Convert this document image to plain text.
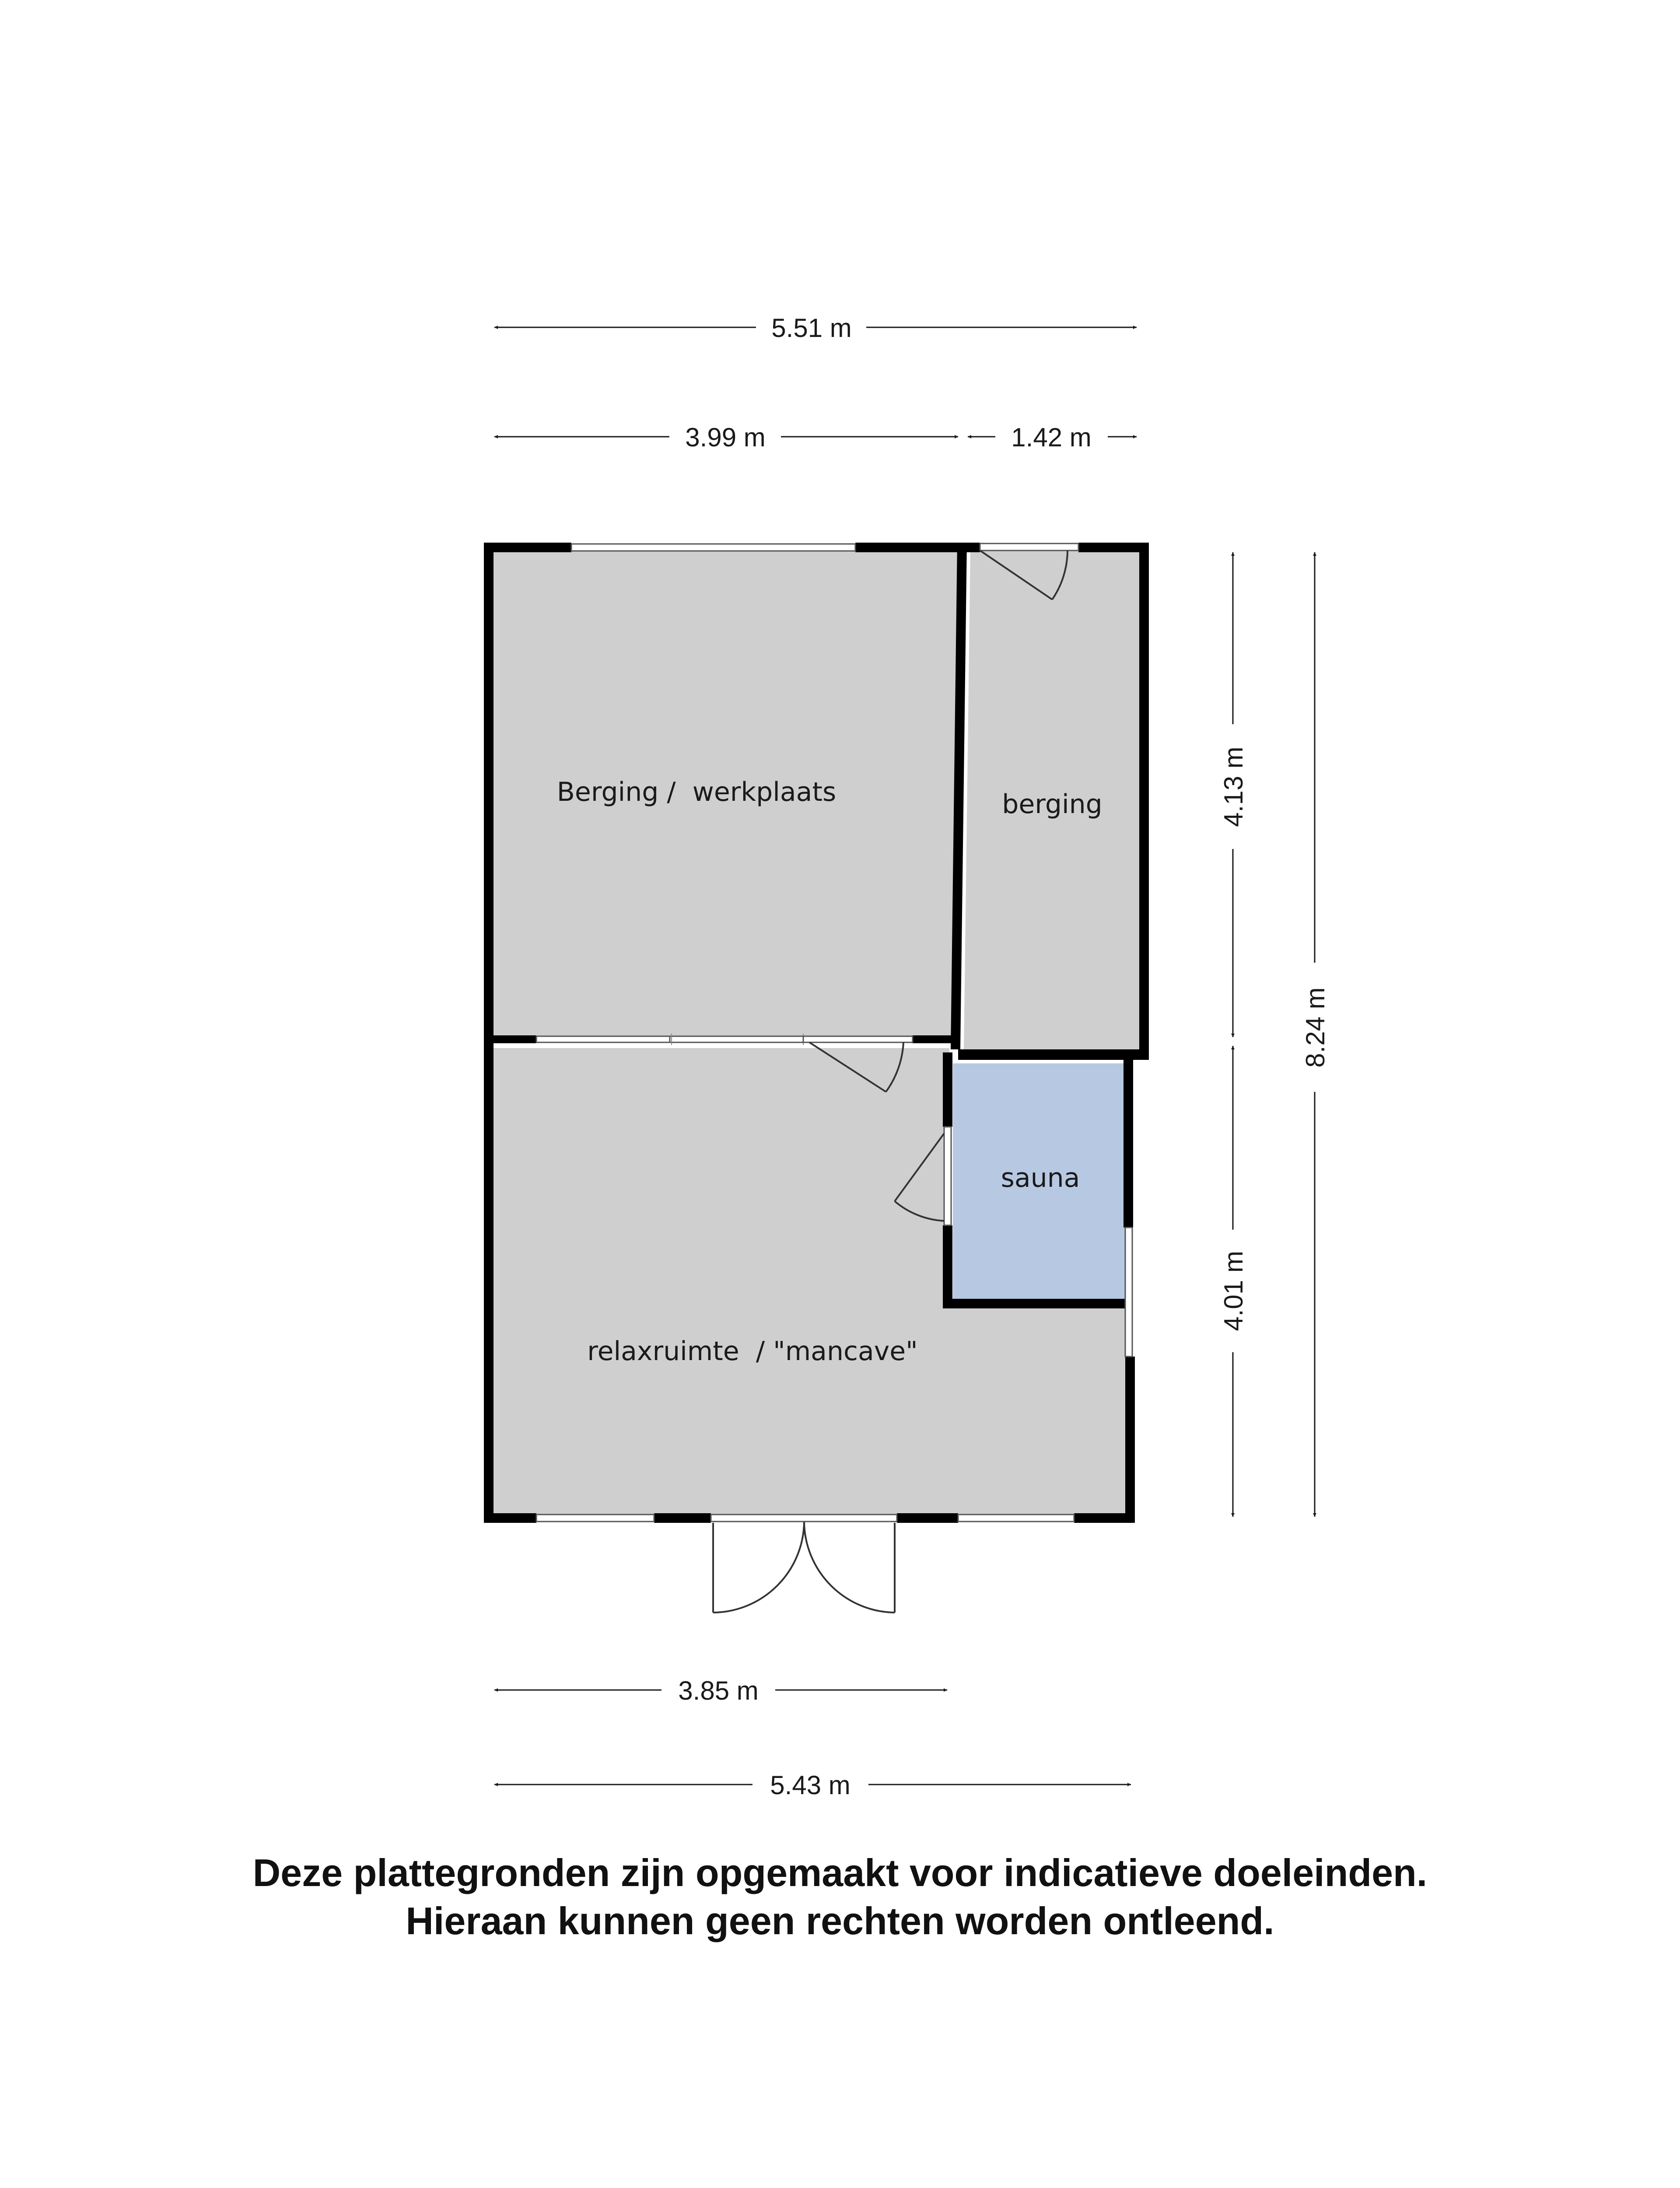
5.51 m
3.99 m	1.42 m
4.13 m
4.01 m
8.24 m
3.85 m
5.43 m
Berging /  werkplaats	berging
sauna
relaxruimte  / "mancave"
Deze plattegronden zijn opgemaakt voor indicatieve doeleinden.
Hieraan kunnen geen rechten worden ontleend.
